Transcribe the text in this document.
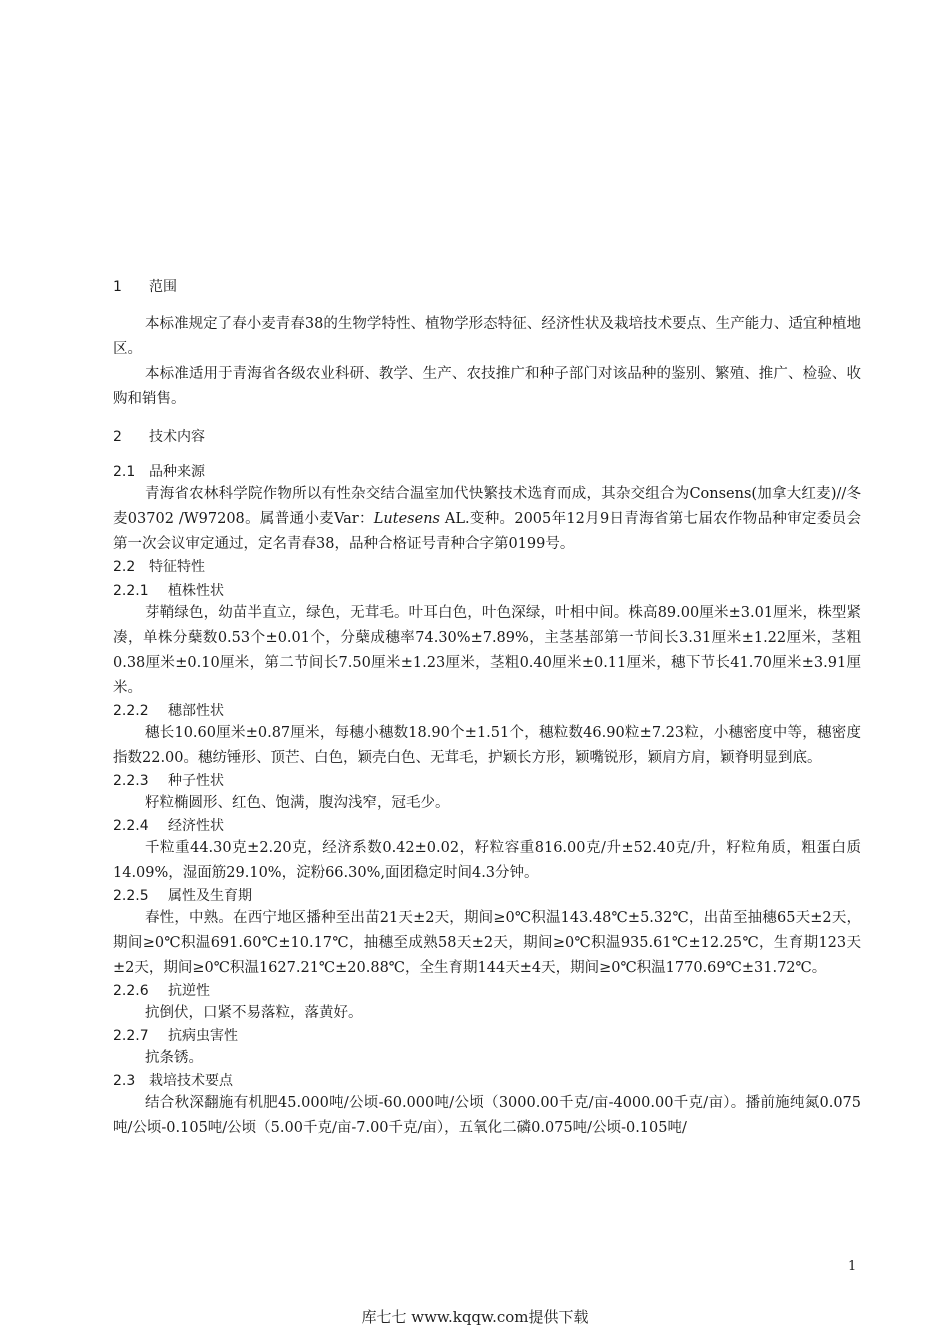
1 范围

本标准规定了春小麦青春38的生物学特性、植物学形态特征、经济性状及栽培技术要点、生产能力、适宜种植地区。

本标准适用于青海省各级农业科研、教学、生产、农技推广和种子部门对该品种的鉴别、繁殖、推广、检验、收购和销售。

2 技术内容
2.1 品种来源

青海省农林科学院作物所以有性杂交结合温室加代快繁技术选育而成，其杂交组合为Consens(加拿大红麦)//冬麦03702 /W97208。属普通小麦Var：Lutesens AL.变种。2005年12月9日青海省第七届农作物品种审定委员会第一次会议审定通过，定名青春38，品种合格证号青种合字第0199号。

2.2 特征特性
2.2.1 植株性状

芽鞘绿色，幼苗半直立，绿色，无茸毛。叶耳白色，叶色深绿，叶相中间。株高89.00厘米±3.01厘米，株型紧凑，单株分蘖数0.53个±0.01个，分蘖成穗率74.30%±7.89%，主茎基部第一节间长3.31厘米±1.22厘米，茎粗0.38厘米±0.10厘米，第二节间长7.50厘米±1.23厘米，茎粗0.40厘米±0.11厘米，穗下节长41.70厘米±3.91厘米。

2.2.2 穗部性状

穗长10.60厘米±0.87厘米，每穗小穗数18.90个±1.51个，穗粒数46.90粒±7.23粒，小穗密度中等，穗密度指数22.00。穗纺锤形、顶芒、白色，颖壳白色、无茸毛，护颖长方形，颖嘴锐形，颖肩方肩，颖脊明显到底。

2.2.3 种子性状

籽粒椭圆形、红色、饱满，腹沟浅窄，冠毛少。

2.2.4 经济性状

千粒重44.30克±2.20克，经济系数0.42±0.02，籽粒容重816.00克/升±52.40克/升，籽粒角质，粗蛋白质14.09%，湿面筋29.10%，淀粉66.30%,面团稳定时间4.3分钟。

2.2.5 属性及生育期

春性，中熟。在西宁地区播种至出苗21天±2天，期间≥0℃积温143.48℃±5.32℃，出苗至抽穗65天±2天，期间≥0℃积温691.60℃±10.17℃，抽穗至成熟58天±2天，期间≥0℃积温935.61℃±12.25℃，生育期123天±2天，期间≥0℃积温1627.21℃±20.88℃，全生育期144天±4天，期间≥0℃积温1770.69℃±31.72℃。

2.2.6 抗逆性

抗倒伏，口紧不易落粒，落黄好。

2.2.7 抗病虫害性

抗条锈。

2.3 栽培技术要点

结合秋深翻施有机肥45.000吨/公顷-60.000吨/公顷（3000.00千克/亩-4000.00千克/亩）。播前施纯氮0.075吨/公顷-0.105吨/公顷（5.00千克/亩-7.00千克/亩），五氧化二磷0.075吨/公顷-0.105吨/

1
库七七 www.kqqw.com提供下载
